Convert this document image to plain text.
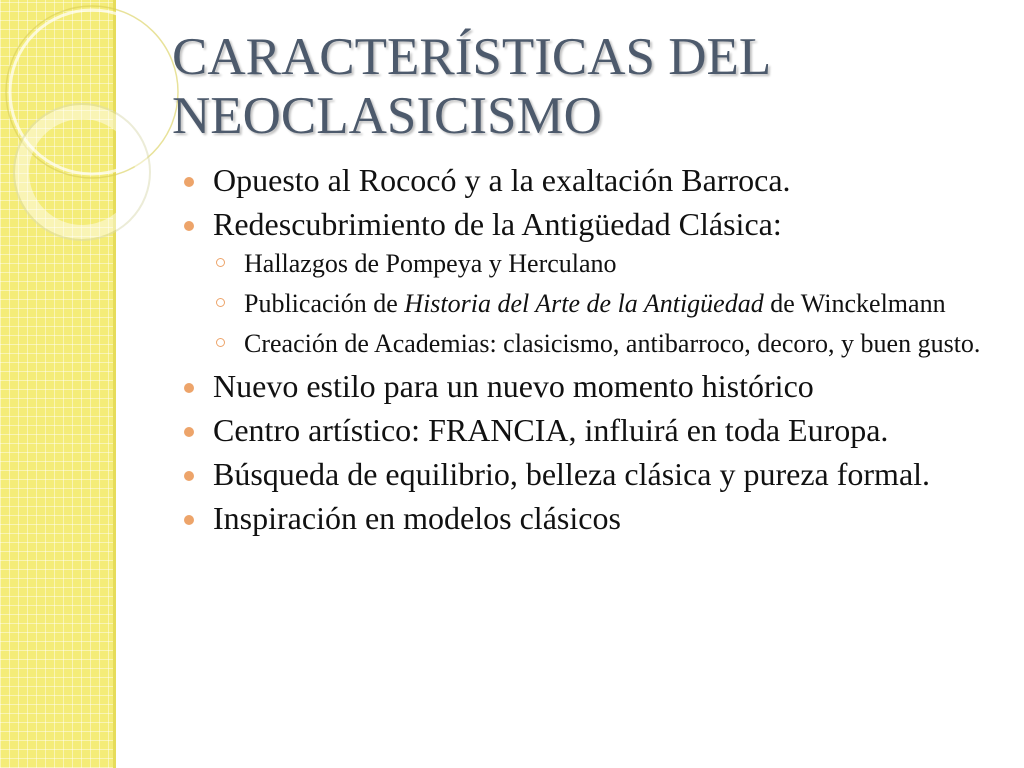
CARACTERÍSTICAS DEL
NEOCLASICISMO
Opuesto al Rococó y a la exaltación Barroca.
Redescubrimiento de la Antigüedad Clásica:
Hallazgos de Pompeya y Herculano
Publicación de Historia del Arte de la Antigüedad de Winckelmann
Creación de Academias: clasicismo, antibarroco, decoro, y buen gusto.
Nuevo estilo para un nuevo momento histórico
Centro artístico: FRANCIA, influirá en toda Europa.
Búsqueda de equilibrio, belleza clásica y pureza formal.
Inspiración en modelos clásicos
